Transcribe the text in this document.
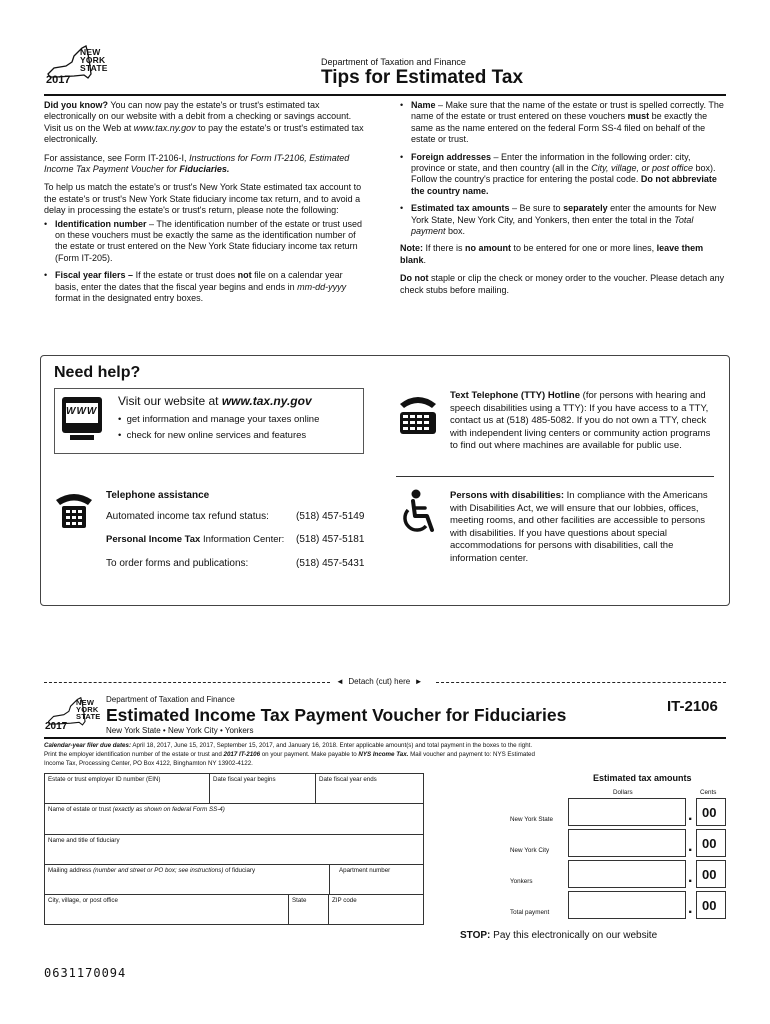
NEW
YORK
STATE
2017
Department of Taxation and Finance
Tips for Estimated Tax

Did you know? You can now pay the estate's or trust's estimated tax electronically on our website with a debit from a checking or savings account. Visit us on the Web at www.tax.ny.gov to pay the estate's or trust's estimated tax electronically.

For assistance, see Form IT-2106-I, Instructions for Form IT-2106, Estimated Income Tax Payment Voucher for Fiduciaries.

To help us match the estate's or trust's New York State estimated tax account to the estate's or trust's New York State fiduciary income tax return, and to avoid a delay in processing the estate's or trust's return, please note the following:

• Identification number – The identification number of the estate or trust used on these vouchers must be exactly the same as the identification number of the estate or trust entered on the New York State fiduciary income tax return (Form IT-205).
• Fiscal year filers – If the estate or trust does not file on a calendar year basis, enter the dates that the fiscal year begins and ends in mm-dd-yyyy format in the designated entry boxes.
• Name – Make sure that the name of the estate or trust is spelled correctly. The name of the estate or trust entered on these vouchers must be exactly the same as the name entered on the federal Form SS-4 filed on behalf of the estate or trust.
• Foreign addresses – Enter the information in the following order: city, province or state, and then country (all in the City, village, or post office box). Follow the country's practice for entering the postal code. Do not abbreviate the country name.
• Estimated tax amounts – Be sure to separately enter the amounts for New York State, New York City, and Yonkers, then enter the total in the Total payment box.

Note: If there is no amount to be entered for one or more lines, leave them blank.

Do not staple or clip the check or money order to the voucher. Please detach any check stubs before mailing.

Need help?
WWW
Visit our website at www.tax.ny.gov
•  get information and manage your taxes online
•  check for new online services and features
Text Telephone (TTY) Hotline (for persons with hearing and speech disabilities using a TTY): If you have access to a TTY, contact us at (518) 485-5082. If you do not own a TTY, check with independent living centers or community action programs to find out where machines are available for public use.
Telephone assistance
Automated income tax refund status:	(518) 457-5149
Personal Income Tax Information Center: (518) 457-5181
To order forms and publications:	(518) 457-5431
Persons with disabilities: In compliance with the Americans with Disabilities Act, we will ensure that our lobbies, offices, meeting rooms, and other facilities are accessible to persons with disabilities. If you have questions about special accommodations for persons with disabilities, call the information center.
◄  Detach (cut) here  ►
NEW
YORK
STATE
2017
Department of Taxation and Finance
Estimated Income Tax Payment Voucher for Fiduciaries	IT-2106
New York State • New York City • Yonkers
Calendar-year filer due dates: April 18, 2017, June 15, 2017, September 15, 2017, and January 16, 2018. Enter applicable amount(s) and total payment in the boxes to the right. Print the employer identification number of the estate or trust and 2017 IT-2106 on your payment. Make payable to NYS Income Tax. Mail voucher and payment to: NYS Estimated Income Tax, Processing Center, PO Box 4122, Binghamton NY 13902-4122.
Estate or trust employer ID number (EIN)	Date fiscal year begins	Date fiscal year ends
Name of estate or trust (exactly as shown on federal Form SS-4)
Name and title of fiduciary
Mailing address (number and street or PO box; see instructions) of fiduciary	Apartment number
City, village, or post office	State	ZIP code
Estimated tax amounts
Dollars	Cents
New York State	. 00
New York City	. 00
Yonkers	. 00
Total payment	. 00
STOP: Pay this electronically on our website
0631170094
